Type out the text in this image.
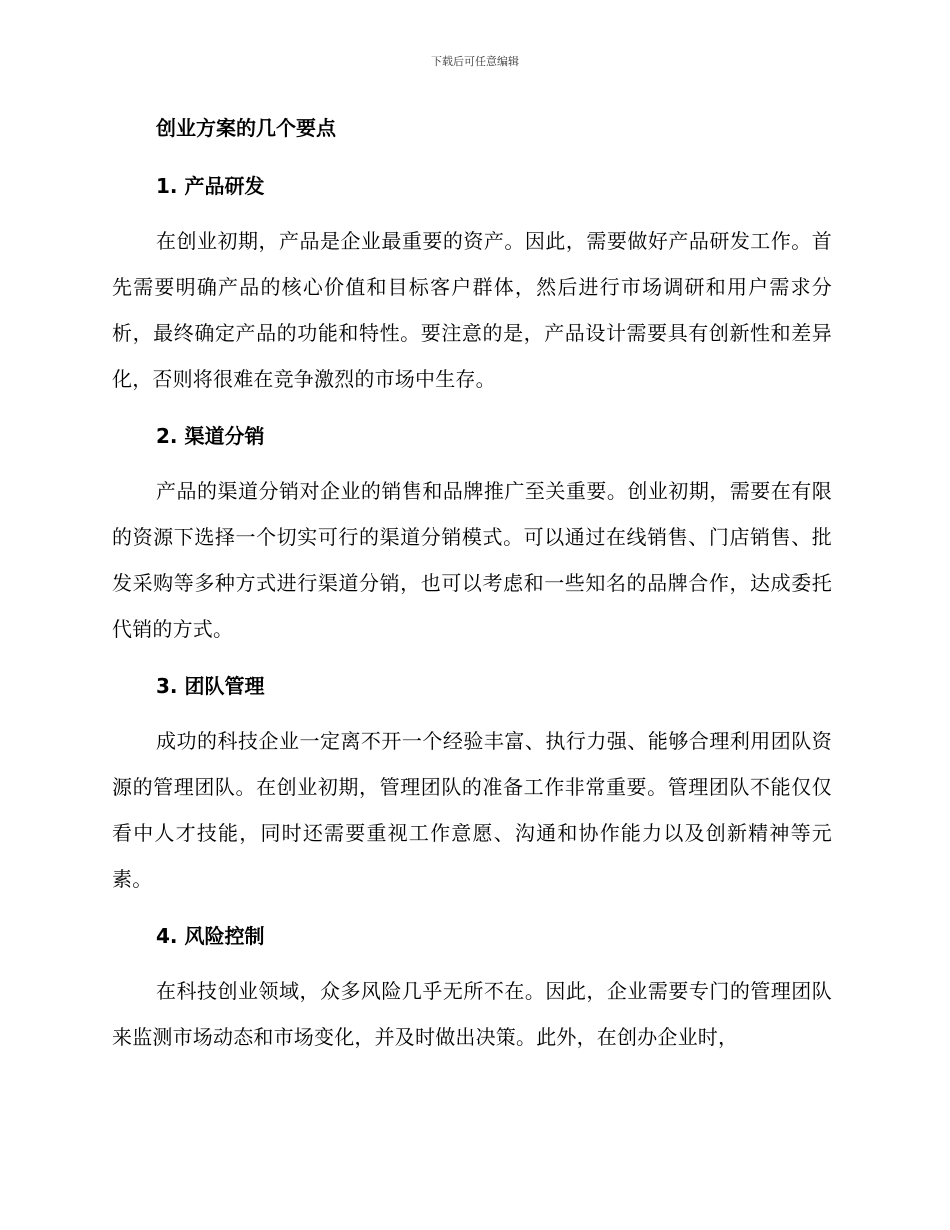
下载后可任意编辑
创业方案的几个要点
1. 产品研发

在创业初期，产品是企业最重要的资产。因此，需要做好产品研发工作。首先需要明确产品的核心价值和目标客户群体，然后进行市场调研和用户需求分析，最终确定产品的功能和特性。要注意的是，产品设计需要具有创新性和差异化，否则将很难在竞争激烈的市场中生存。

2. 渠道分销

产品的渠道分销对企业的销售和品牌推广至关重要。创业初期，需要在有限的资源下选择一个切实可行的渠道分销模式。可以通过在线销售、门店销售、批发采购等多种方式进行渠道分销，也可以考虑和一些知名的品牌合作，达成委托代销的方式。

3. 团队管理

成功的科技企业一定离不开一个经验丰富、执行力强、能够合理利用团队资源的管理团队。在创业初期，管理团队的准备工作非常重要。管理团队不能仅仅看中人才技能，同时还需要重视工作意愿、沟通和协作能力以及创新精神等元素。

4. 风险控制

在科技创业领域，众多风险几乎无所不在。因此，企业需要专门的管理团队来监测市场动态和市场变化，并及时做出决策。此外，在创办企业时，
